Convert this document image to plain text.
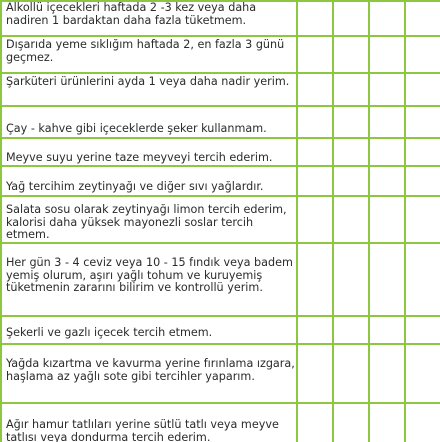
Alkollü içecekleri haftada 2 -3 kez veya daha nadiren 1 bardaktan daha fazla tüketmem.				
Dışarıda yeme sıklığım haftada 2, en fazla 3 günü geçmez.				
Şarküteri ürünlerini ayda 1 veya daha nadir yerim.				
Çay - kahve gibi içeceklerde şeker kullanmam.				
Meyve suyu yerine taze meyveyi tercih ederim.				
Yağ tercihim zeytinyağı ve diğer sıvı yağlardır.				
Salata sosu olarak zeytinyağı limon tercih ederim, kalorisi daha yüksek mayonezli soslar tercih etmem.				
Her gün 3 - 4 ceviz veya 10 - 15 fındık veya badem yemiş olurum, aşırı yağlı tohum ve kuruyemiş tüketmenin zararını bilirim ve kontrollü yerim.				
Şekerli ve gazlı içecek tercih etmem.				
Yağda kızartma ve kavurma yerine fırınlama ızgara, haşlama az yağlı sote gibi tercihler yaparım.				
Ağır hamur tatlıları yerine sütlü tatlı veya meyve tatlısı veya dondurma tercih ederim.				
